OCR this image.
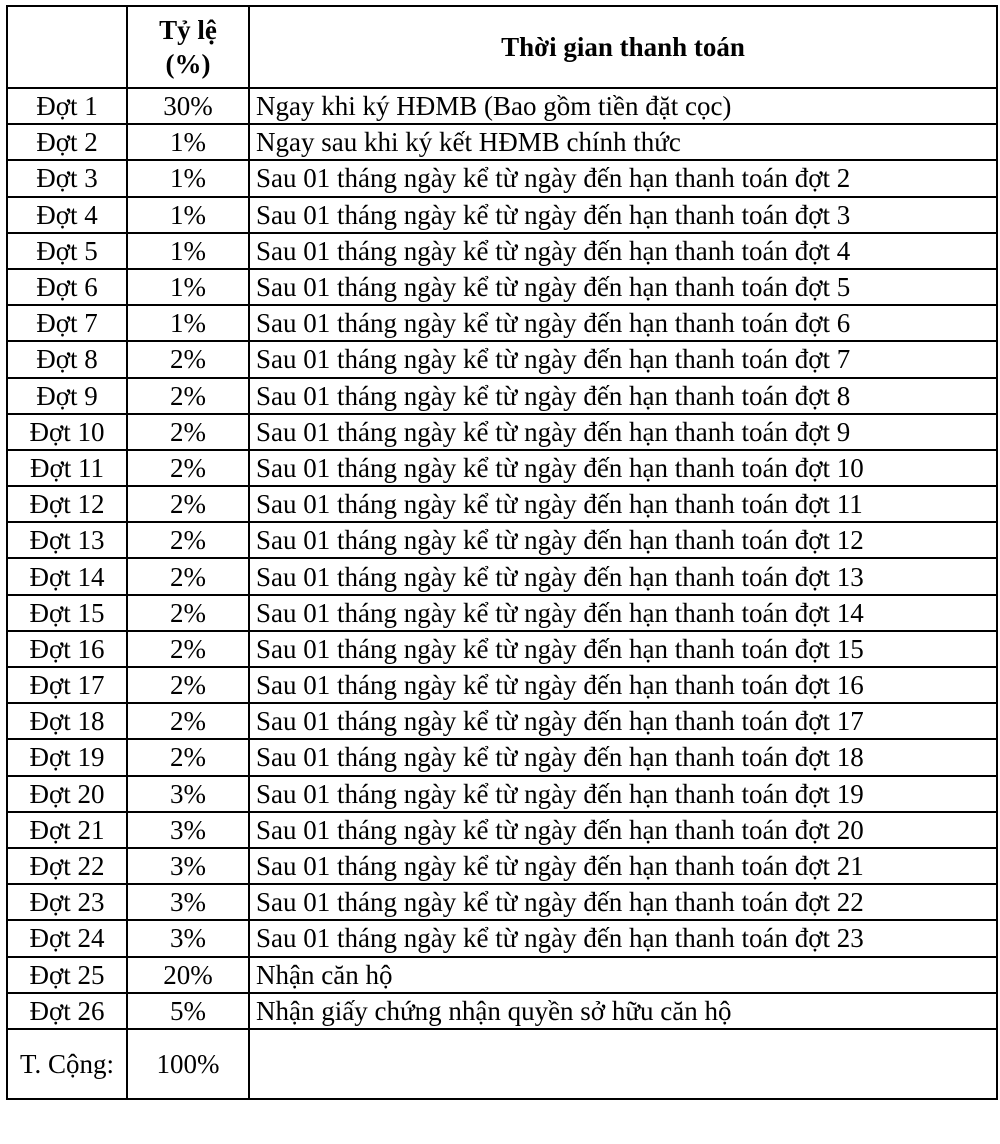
	Tỷ lệ (%)	Thời gian thanh toán
Đợt 1	30%	Ngay khi ký HĐMB (Bao gồm tiền đặt cọc)
Đợt 2	1%	Ngay sau khi ký kết HĐMB chính thức
Đợt 3	1%	Sau 01 tháng ngày kể từ ngày đến hạn thanh toán đợt 2
Đợt 4	1%	Sau 01 tháng ngày kể từ ngày đến hạn thanh toán đợt 3
Đợt 5	1%	Sau 01 tháng ngày kể từ ngày đến hạn thanh toán đợt 4
Đợt 6	1%	Sau 01 tháng ngày kể từ ngày đến hạn thanh toán đợt 5
Đợt 7	1%	Sau 01 tháng ngày kể từ ngày đến hạn thanh toán đợt 6
Đợt 8	2%	Sau 01 tháng ngày kể từ ngày đến hạn thanh toán đợt 7
Đợt 9	2%	Sau 01 tháng ngày kể từ ngày đến hạn thanh toán đợt 8
Đợt 10	2%	Sau 01 tháng ngày kể từ ngày đến hạn thanh toán đợt 9
Đợt 11	2%	Sau 01 tháng ngày kể từ ngày đến hạn thanh toán đợt 10
Đợt 12	2%	Sau 01 tháng ngày kể từ ngày đến hạn thanh toán đợt 11
Đợt 13	2%	Sau 01 tháng ngày kể từ ngày đến hạn thanh toán đợt 12
Đợt 14	2%	Sau 01 tháng ngày kể từ ngày đến hạn thanh toán đợt 13
Đợt 15	2%	Sau 01 tháng ngày kể từ ngày đến hạn thanh toán đợt 14
Đợt 16	2%	Sau 01 tháng ngày kể từ ngày đến hạn thanh toán đợt 15
Đợt 17	2%	Sau 01 tháng ngày kể từ ngày đến hạn thanh toán đợt 16
Đợt 18	2%	Sau 01 tháng ngày kể từ ngày đến hạn thanh toán đợt 17
Đợt 19	2%	Sau 01 tháng ngày kể từ ngày đến hạn thanh toán đợt 18
Đợt 20	3%	Sau 01 tháng ngày kể từ ngày đến hạn thanh toán đợt 19
Đợt 21	3%	Sau 01 tháng ngày kể từ ngày đến hạn thanh toán đợt 20
Đợt 22	3%	Sau 01 tháng ngày kể từ ngày đến hạn thanh toán đợt 21
Đợt 23	3%	Sau 01 tháng ngày kể từ ngày đến hạn thanh toán đợt 22
Đợt 24	3%	Sau 01 tháng ngày kể từ ngày đến hạn thanh toán đợt 23
Đợt 25	20%	Nhận căn hộ
Đợt 26	5%	Nhận giấy chứng nhận quyền sở hữu căn hộ
T. Cộng:	100%	
